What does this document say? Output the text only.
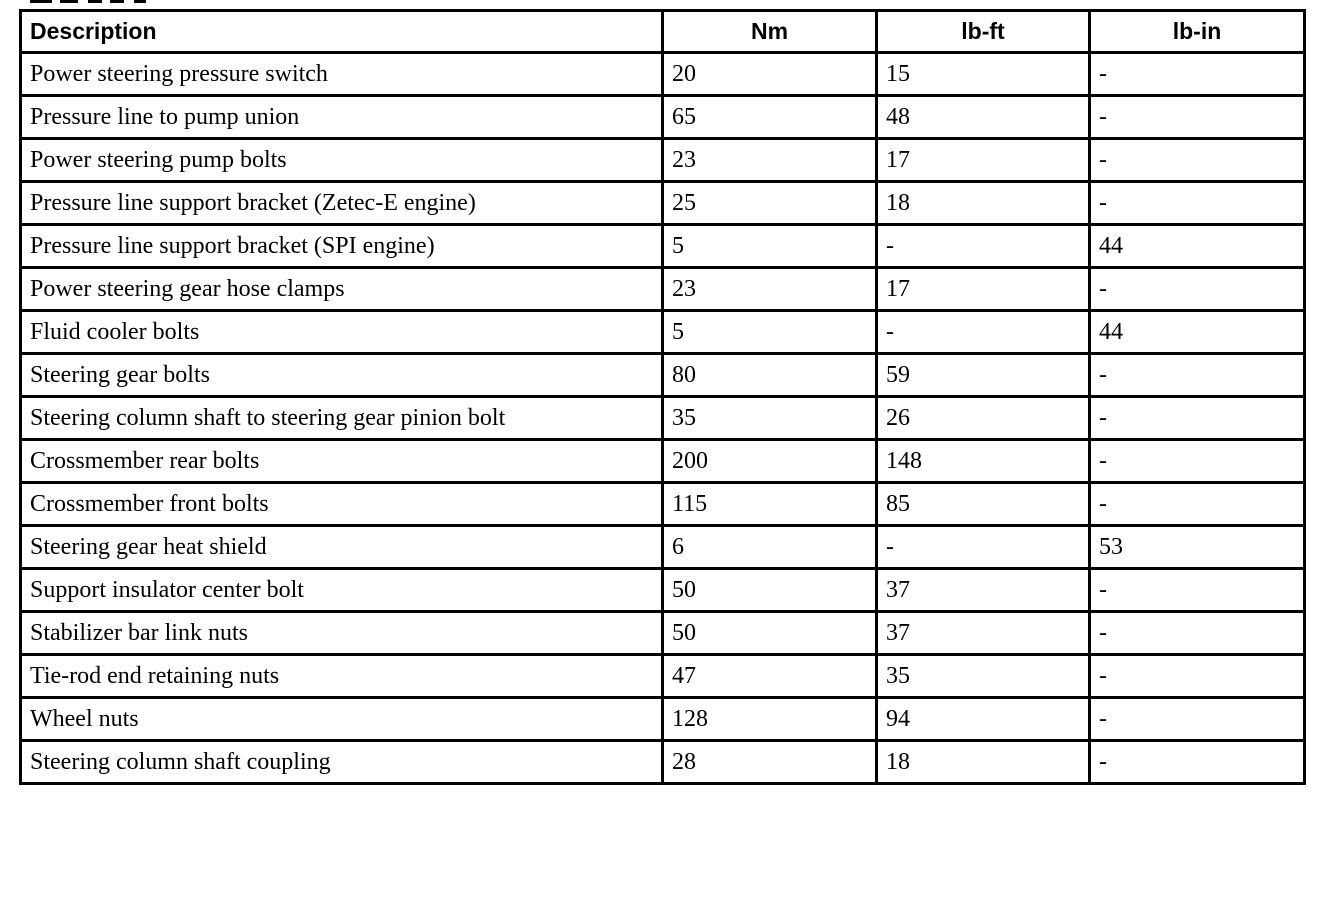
Description	Nm	lb-ft	lb-in
Power steering pressure switch	20	15	-
Pressure line to pump union	65	48	-
Power steering pump bolts	23	17	-
Pressure line support bracket (Zetec-E engine)	25	18	-
Pressure line support bracket (SPI engine)	5	-	44
Power steering gear hose clamps	23	17	-
Fluid cooler bolts	5	-	44
Steering gear bolts	80	59	-
Steering column shaft to steering gear pinion bolt	35	26	-
Crossmember rear bolts	200	148	-
Crossmember front bolts	115	85	-
Steering gear heat shield	6	-	53
Support insulator center bolt	50	37	-
Stabilizer bar link nuts	50	37	-
Tie-rod end retaining nuts	47	35	-
Wheel nuts	128	94	-
Steering column shaft coupling	28	18	-
